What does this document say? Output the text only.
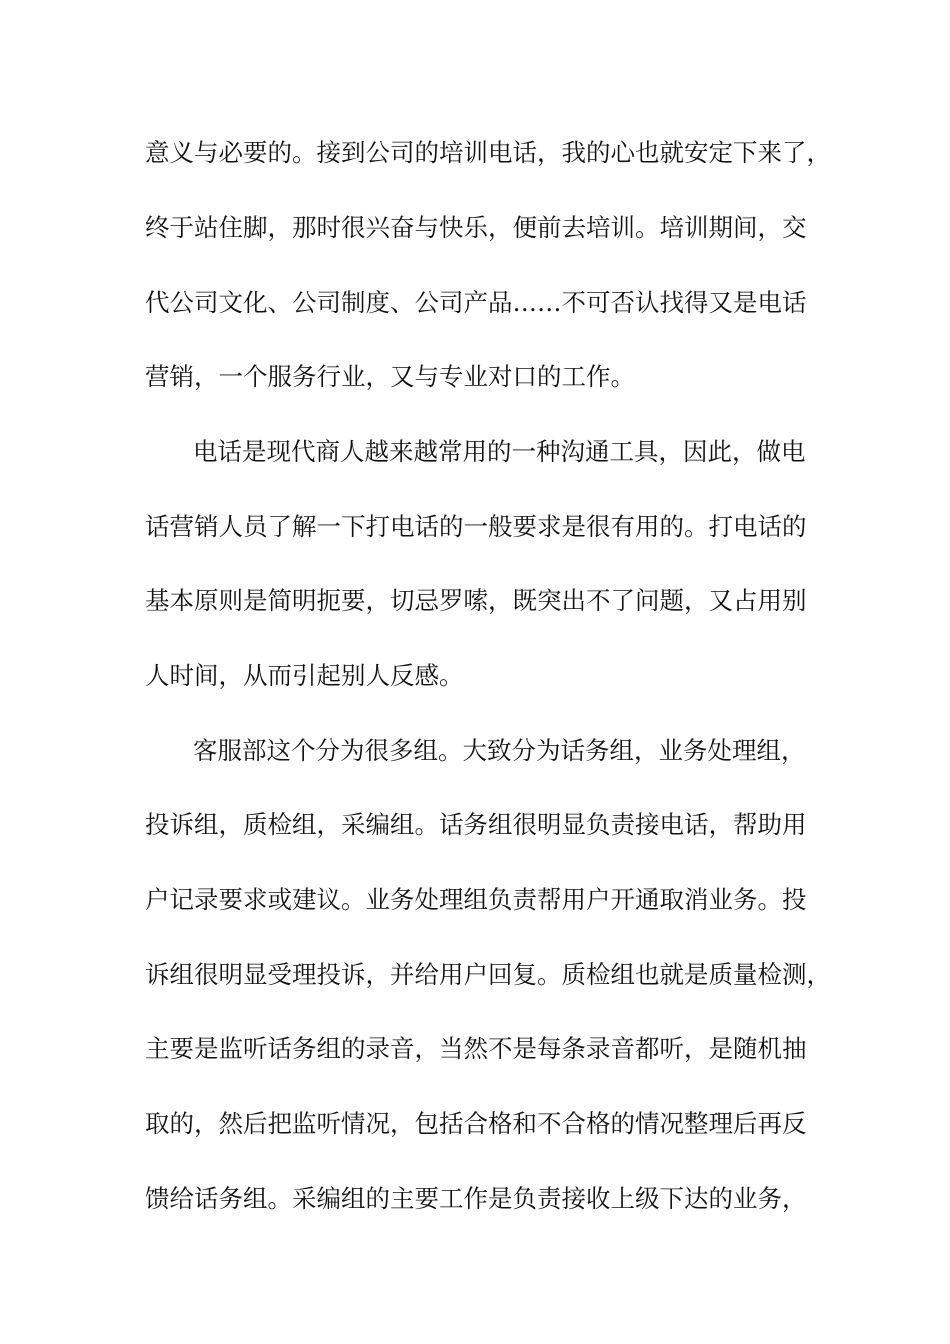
意义与必要的。接到公司的培训电话，我的心也就安定下来了，
终于站住脚，那时很兴奋与快乐，便前去培训。培训期间，交
代公司文化、公司制度、公司产品……不可否认找得又是电话
营销，一个服务行业，又与专业对口的工作。
电话是现代商人越来越常用的一种沟通工具，因此，做电
话营销人员了解一下打电话的一般要求是很有用的。打电话的
基本原则是简明扼要，切忌罗嗦，既突出不了问题，又占用别
人时间，从而引起别人反感。
客服部这个分为很多组。大致分为话务组，业务处理组，
投诉组，质检组，采编组。话务组很明显负责接电话，帮助用
户记录要求或建议。业务处理组负责帮用户开通取消业务。投
诉组很明显受理投诉，并给用户回复。质检组也就是质量检测，
主要是监听话务组的录音，当然不是每条录音都听，是随机抽
取的，然后把监听情况，包括合格和不合格的情况整理后再反
馈给话务组。采编组的主要工作是负责接收上级下达的业务，
